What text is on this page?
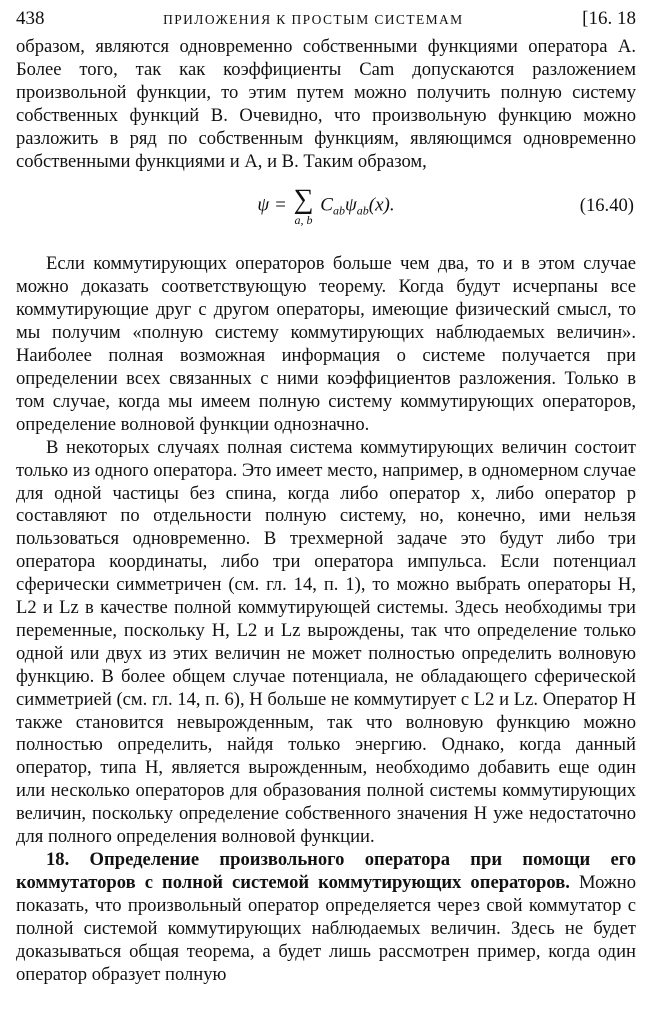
438	ПРИЛОЖЕНИЯ К ПРОСТЫМ СИСТЕМАМ	[16. 18

образом, являются одновременно собственными функциями оператора A. Более того, так как коэффициенты Cam допускаются разложением произвольной функции, то этим путем можно получить полную систему собственных функций B. Очевидно, что произвольную функцию можно разложить в ряд по собственным функциям, являющимся одновременно собственными функциями и A, и B. Таким образом,

ψ = ∑
a, b
$C_{ab}\psi_{ab}(x)$.	(16.40)

Если коммутирующих операторов больше чем два, то и в этом случае можно доказать соответствующую теорему. Когда будут исчерпаны все коммутирующие друг с другом операторы, имеющие физический смысл, то мы получим «полную систему коммутирующих наблюдаемых величин». Наиболее полная возможная информация о системе получается при определении всех связанных с ними коэффициентов разложения. Только в том случае, когда мы имеем полную систему коммутирующих операторов, определение волновой функции однозначно.

В некоторых случаях полная система коммутирующих величин состоит только из одного оператора. Это имеет место, например, в одномерном случае для одной частицы без спина, когда либо оператор x, либо оператор p составляют по отдельности полную систему, но, конечно, ими нельзя пользоваться одновременно. В трехмерной задаче это будут либо три оператора координаты, либо три оператора импульса. Если потенциал сферически симметричен (см. гл. 14, п. 1), то можно выбрать операторы H, L2 и Lz в качестве полной коммутирующей системы. Здесь необходимы три переменные, поскольку H, L2 и Lz вырождены, так что определение только одной или двух из этих величин не может полностью определить волновую функцию. В более общем случае потенциала, не обладающего сферической симметрией (см. гл. 14, п. 6), H больше не коммутирует с L2 и Lz. Оператор H также становится невырожденным, так что волновую функцию можно полностью определить, найдя только энергию. Однако, когда данный оператор, типа H, является вырожденным, необходимо добавить еще один или несколько операторов для образования полной системы коммутирующих величин, поскольку определение собственного значения H уже недостаточно для полного определения волновой функции.

18. Определение произвольного оператора при помощи его коммутаторов с полной системой коммутирующих операторов. Можно показать, что произвольный оператор определяется через свой коммутатор с полной системой коммутирующих наблюдаемых величин. Здесь не будет доказываться общая теорема, а будет лишь рассмотрен пример, когда один оператор образует полную
